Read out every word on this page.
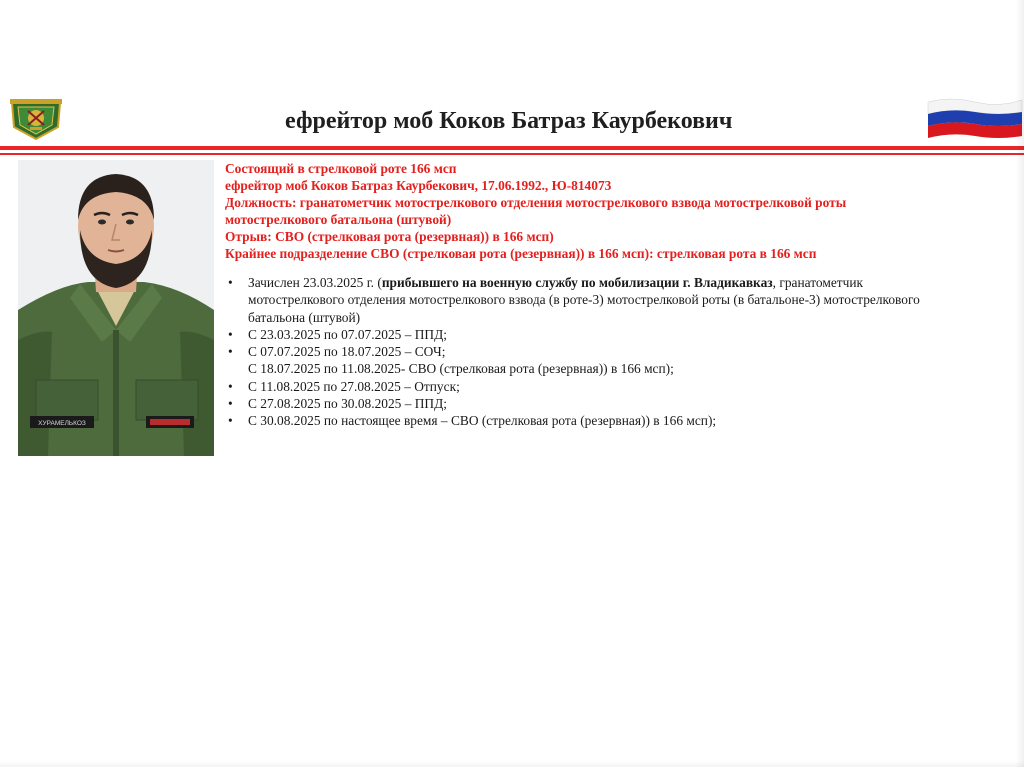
ефрейтор моб Коков Батраз Каурбекович
ХУРАМЕЛЬКОЗ
Состоящий в стрелковой роте 166 мсп
ефрейтор моб Коков Батраз Каурбекович, 17.06.1992., Ю-814073
Должность: гранатометчик мотострелкового отделения мотострелкового взвода мотострелковой роты
мотострелкового батальона (штувой)
Отрыв: СВО (стрелковая рота (резервная)) в 166 мсп)
Крайнее подразделение СВО (стрелковая рота (резервная)) в 166 мсп): стрелковая рота в 166 мсп
• Зачислен 23.03.2025 г. (прибывшего на военную службу по мобилизации г. Владикавказ, гранатометчик
мотострелкового отделения мотострелкового взвода (в роте-3) мотострелковой роты (в батальоне-3) мотострелкового
батальона (штувой)
• С 23.03.2025 по 07.07.2025 – ППД;
• С 07.07.2025 по 18.07.2025 – СОЧ;
С 18.07.2025 по 11.08.2025- СВО (стрелковая рота (резервная)) в 166 мсп);
• С 11.08.2025 по 27.08.2025 – Отпуск;
• С 27.08.2025 по 30.08.2025 – ППД;
• С 30.08.2025 по настоящее время – СВО (стрелковая рота (резервная)) в 166 мсп);
